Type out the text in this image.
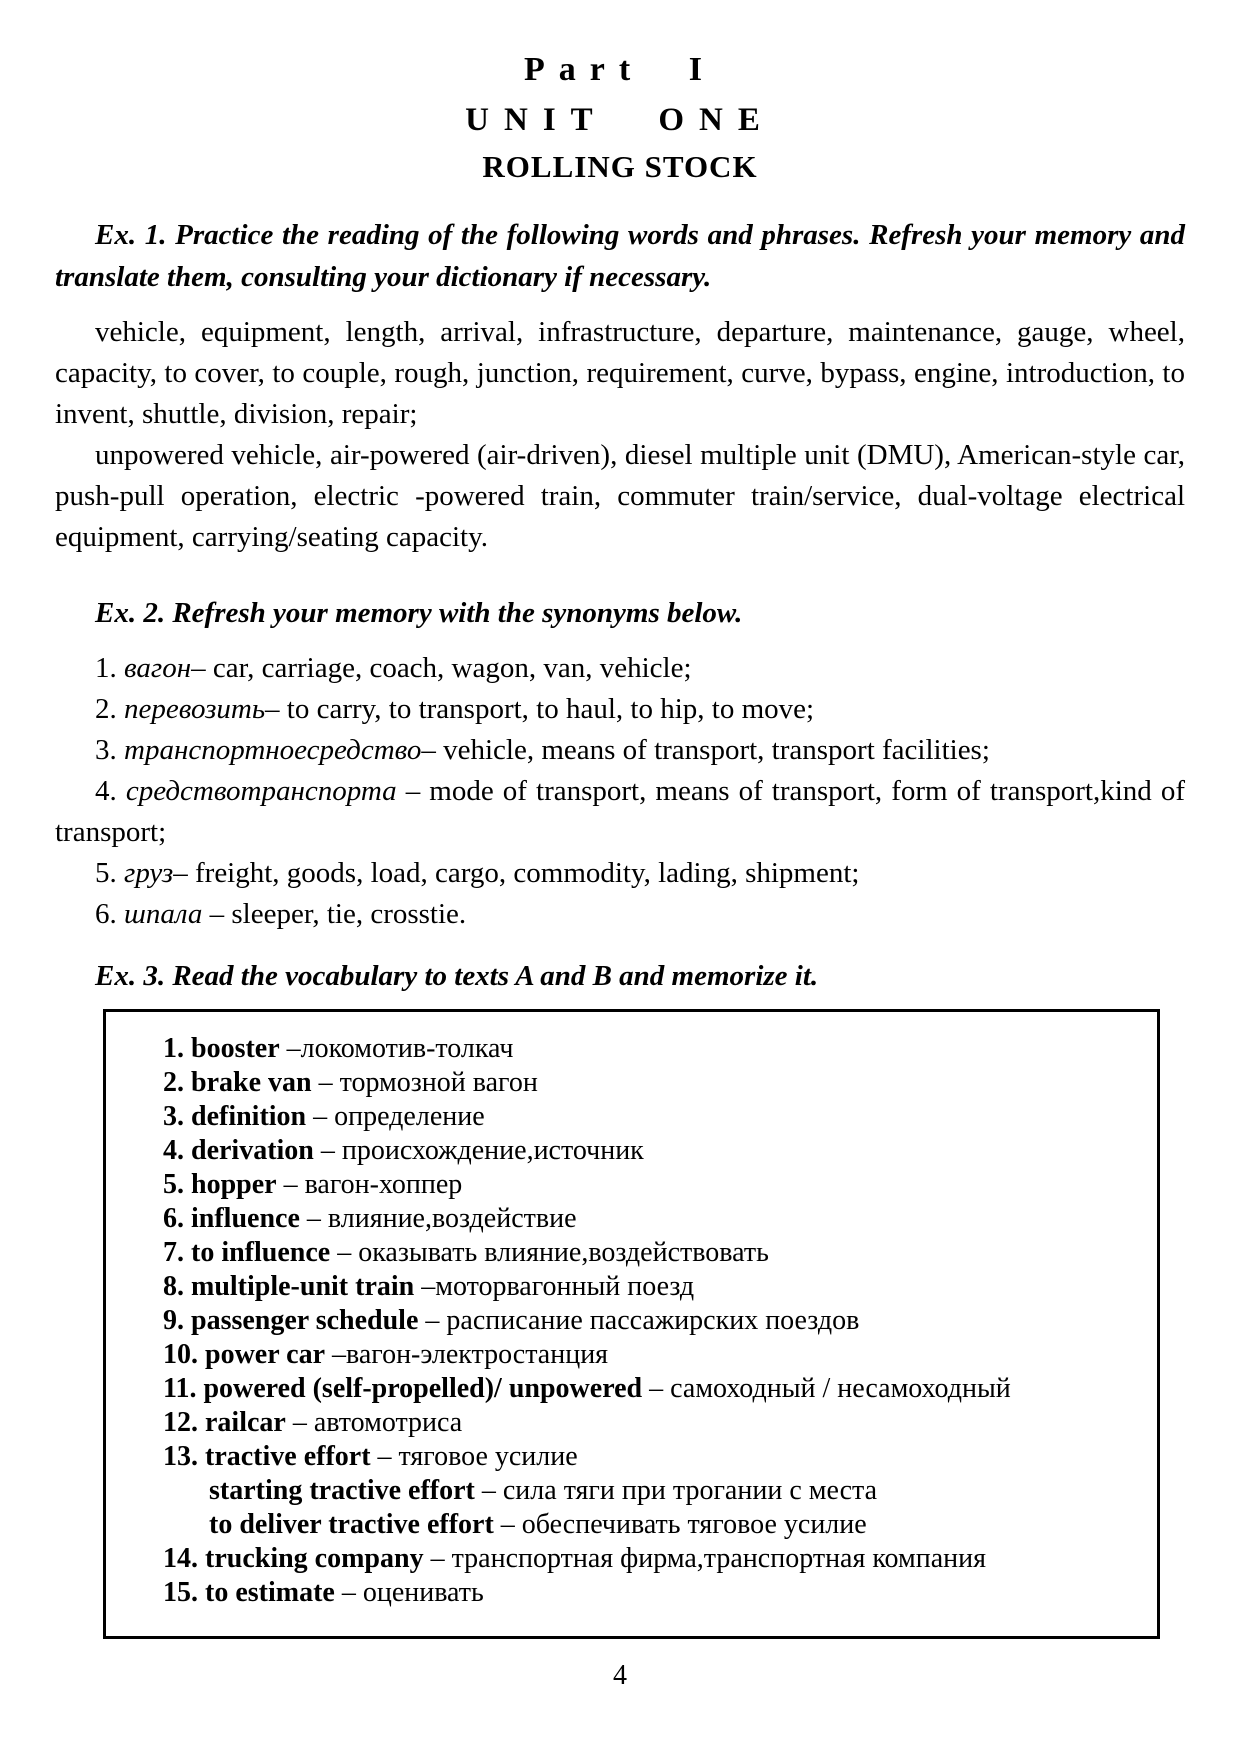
Part I
UNIT ONE
ROLLING STOCK

Ex. 1. Practice the reading of the following words and phrases. Refresh your memory and translate them, consulting your dictionary if necessary.

vehicle, equipment, length, arrival, infrastructure, departure, maintenance, gauge, wheel, capacity, to cover, to couple, rough, junction, requirement, curve, bypass, engine, introduction, to invent, shuttle, division, repair;

unpowered vehicle, air-powered (air-driven), diesel multiple unit (DMU), American-style car, push-pull operation, electric -powered train, commuter train/service, dual-voltage electrical equipment, carrying/seating capacity.

Ex. 2. Refresh your memory with the synonyms below.

1. вагон– car, carriage, coach, wagon, van, vehicle;

2. перевозить– to carry, to transport, to haul, to hip, to move;

3. транспортноесредство– vehicle, means of transport, transport facilities;

4. средствотранспорта – mode of transport, means of transport, form of transport,kind of transport;

5. груз– freight, goods, load, cargo, commodity, lading, shipment;

6. шпала – sleeper, tie, crosstie.

Ex. 3. Read the vocabulary to texts A and B and memorize it.

1. booster –локомотив-толкач
2. brake van – тормозной вагон
3. definition – определение
4. derivation – происхождение,источник
5. hopper – вагон-хоппер
6. influence – влияние,воздействие
7. to influence – оказывать влияние,воздействовать
8. multiple-unit train –моторвагонный поезд
9. passenger schedule – расписание пассажирских поездов
10. power car –вагон-электростанция
11. powered (self-propelled)/ unpowered – самоходный / несамоходный
12. railcar – автомотриса
13. tractive effort – тяговое усилие
starting tractive effort – сила тяги при трогании с места
to deliver tractive effort – обеспечивать тяговое усилие
14. trucking company – транспортная фирма,транспортная компания
15. to estimate – оценивать
4
